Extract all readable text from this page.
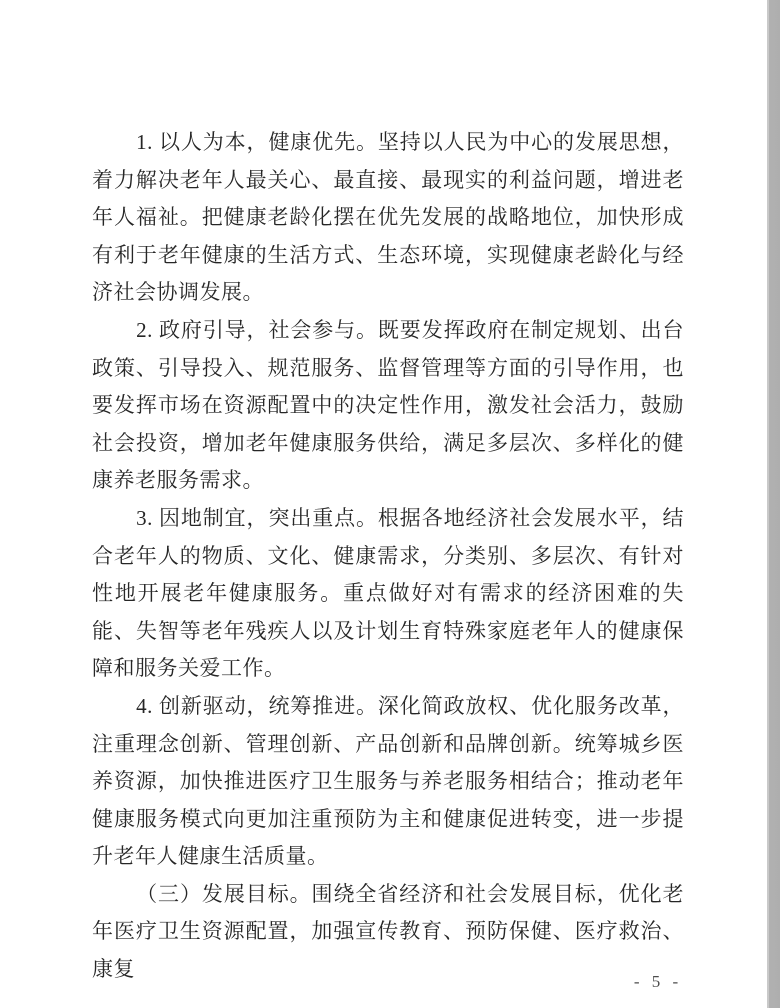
1. 以人为本，健康优先。坚持以人民为中心的发展思想，着力解决老年人最关心、最直接、最现实的利益问题，增进老年人福祉。把健康老龄化摆在优先发展的战略地位，加快形成有利于老年健康的生活方式、生态环境，实现健康老龄化与经济社会协调发展。

2. 政府引导，社会参与。既要发挥政府在制定规划、出台政策、引导投入、规范服务、监督管理等方面的引导作用，也要发挥市场在资源配置中的决定性作用，激发社会活力，鼓励社会投资，增加老年健康服务供给，满足多层次、多样化的健康养老服务需求。

3. 因地制宜，突出重点。根据各地经济社会发展水平，结合老年人的物质、文化、健康需求，分类别、多层次、有针对性地开展老年健康服务。重点做好对有需求的经济困难的失能、失智等老年残疾人以及计划生育特殊家庭老年人的健康保障和服务关爱工作。

4. 创新驱动，统筹推进。深化简政放权、优化服务改革，注重理念创新、管理创新、产品创新和品牌创新。统筹城乡医养资源，加快推进医疗卫生服务与养老服务相结合；推动老年健康服务模式向更加注重预防为主和健康促进转变，进一步提升老年人健康生活质量。

（三）发展目标。围绕全省经济和社会发展目标，优化老年医疗卫生资源配置，加强宣传教育、预防保健、医疗救治、康复

- 5 -
